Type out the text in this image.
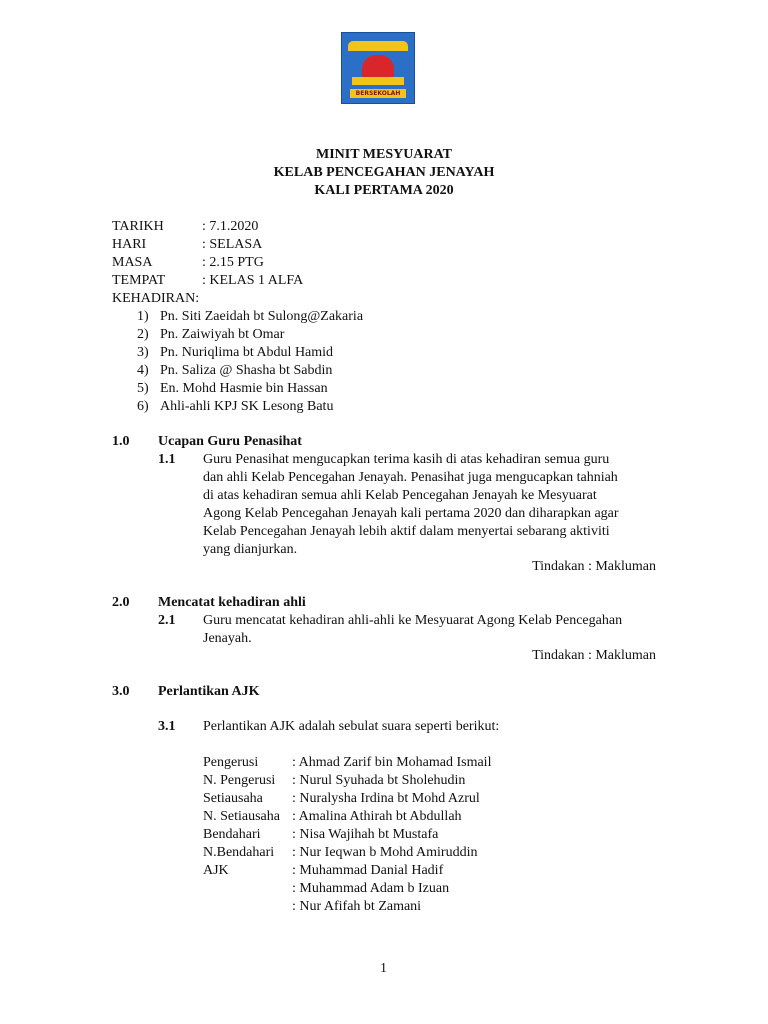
BERSEKOLAH
MINIT MESYUARAT
KELAB PENCEGAHAN JENAYAH
KALI PERTAMA 2020
TARIKH	: 7.1.2020
HARI	: SELASA
MASA	: 2.15 PTG
TEMPAT	: KELAS 1 ALFA
KEHADIRAN:
1) Pn. Siti Zaeidah bt Sulong@Zakaria
2) Pn. Zaiwiyah bt Omar
3) Pn. Nuriqlima bt Abdul Hamid
4) Pn. Saliza @ Shasha bt Sabdin
5) En. Mohd Hasmie bin Hassan
6) Ahli-ahli KPJ SK Lesong Batu
1.0 Ucapan Guru Penasihat
1.1 Guru Penasihat mengucapkan terima kasih di atas kehadiran semua guru
dan ahli Kelab Pencegahan Jenayah. Penasihat juga mengucapkan tahniah
di atas kehadiran semua ahli Kelab Pencegahan Jenayah ke Mesyuarat
Agong Kelab Pencegahan Jenayah kali pertama 2020 dan diharapkan agar
Kelab Pencegahan Jenayah lebih aktif dalam menyertai sebarang aktiviti
yang dianjurkan.
Tindakan : Makluman
2.0 Mencatat kehadiran ahli
2.1 Guru mencatat kehadiran ahli-ahli ke Mesyuarat Agong Kelab Pencegahan
Jenayah.
Tindakan : Makluman
3.0 Perlantikan AJK
3.1 Perlantikan AJK adalah sebulat suara seperti berikut:
Pengerusi : Ahmad Zarif bin Mohamad Ismail
N. Pengerusi : Nurul Syuhada bt Sholehudin
Setiausaha : Nuralysha Irdina bt Mohd Azrul
N. Setiausaha : Amalina Athirah bt Abdullah
Bendahari : Nisa Wajihah bt Mustafa
N.Bendahari : Nur Ieqwan b Mohd Amiruddin
AJK	: Muhammad Danial Hadif
: Muhammad Adam b Izuan
: Nur Afifah bt Zamani
1
